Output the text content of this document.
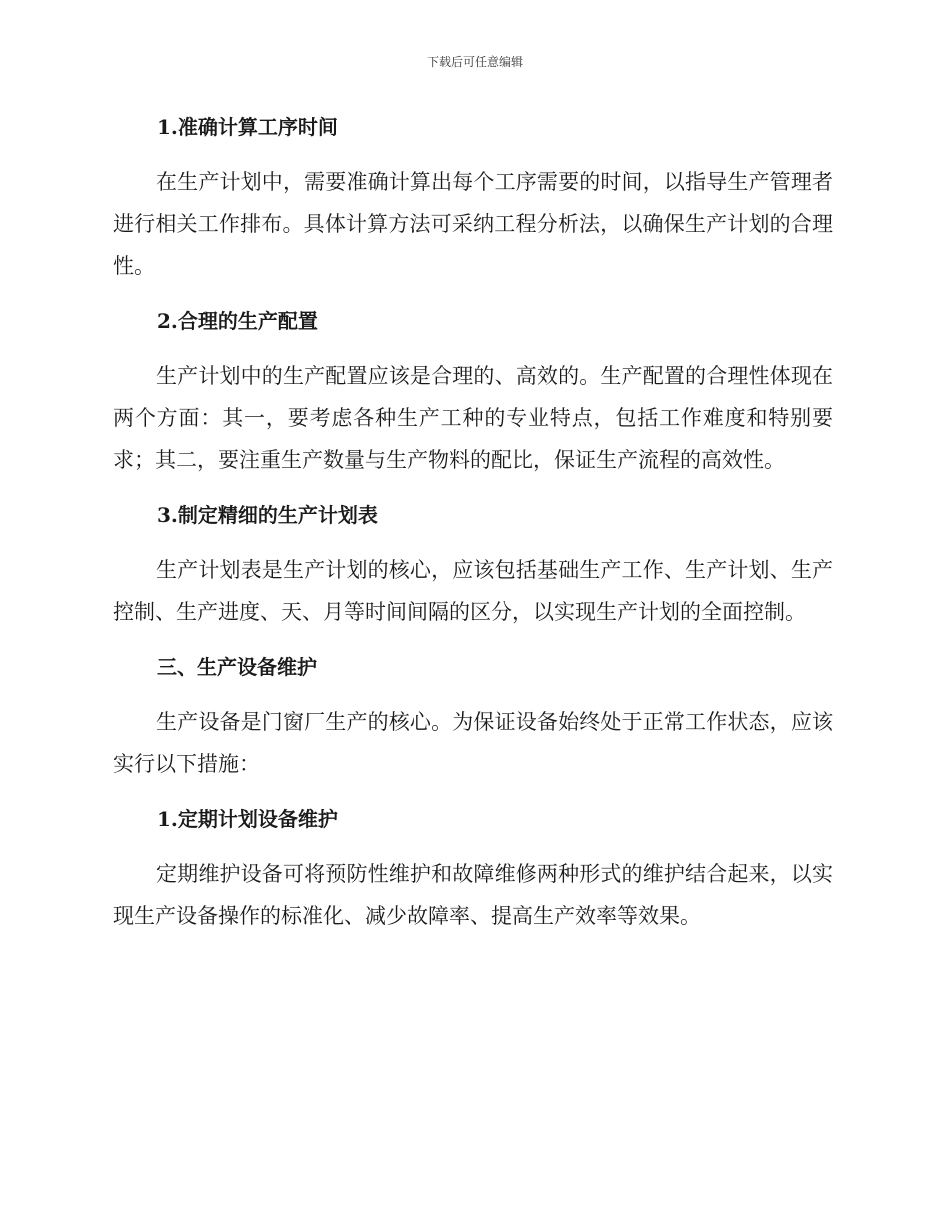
下载后可任意编辑
1.准确计算工序时间

在生产计划中，需要准确计算出每个工序需要的时间，以指导生产管理者进行相关工作排布。具体计算方法可采纳工程分析法，以确保生产计划的合理性。

2.合理的生产配置

生产计划中的生产配置应该是合理的、高效的。生产配置的合理性体现在两个方面：其一，要考虑各种生产工种的专业特点，包括工作难度和特别要求；其二，要注重生产数量与生产物料的配比，保证生产流程的高效性。

3.制定精细的生产计划表

生产计划表是生产计划的核心，应该包括基础生产工作、生产计划、生产控制、生产进度、天、月等时间间隔的区分，以实现生产计划的全面控制。

三、生产设备维护

生产设备是门窗厂生产的核心。为保证设备始终处于正常工作状态，应该实行以下措施：

1.定期计划设备维护

定期维护设备可将预防性维护和故障维修两种形式的维护结合起来，以实现生产设备操作的标准化、减少故障率、提高生产效率等效果。
